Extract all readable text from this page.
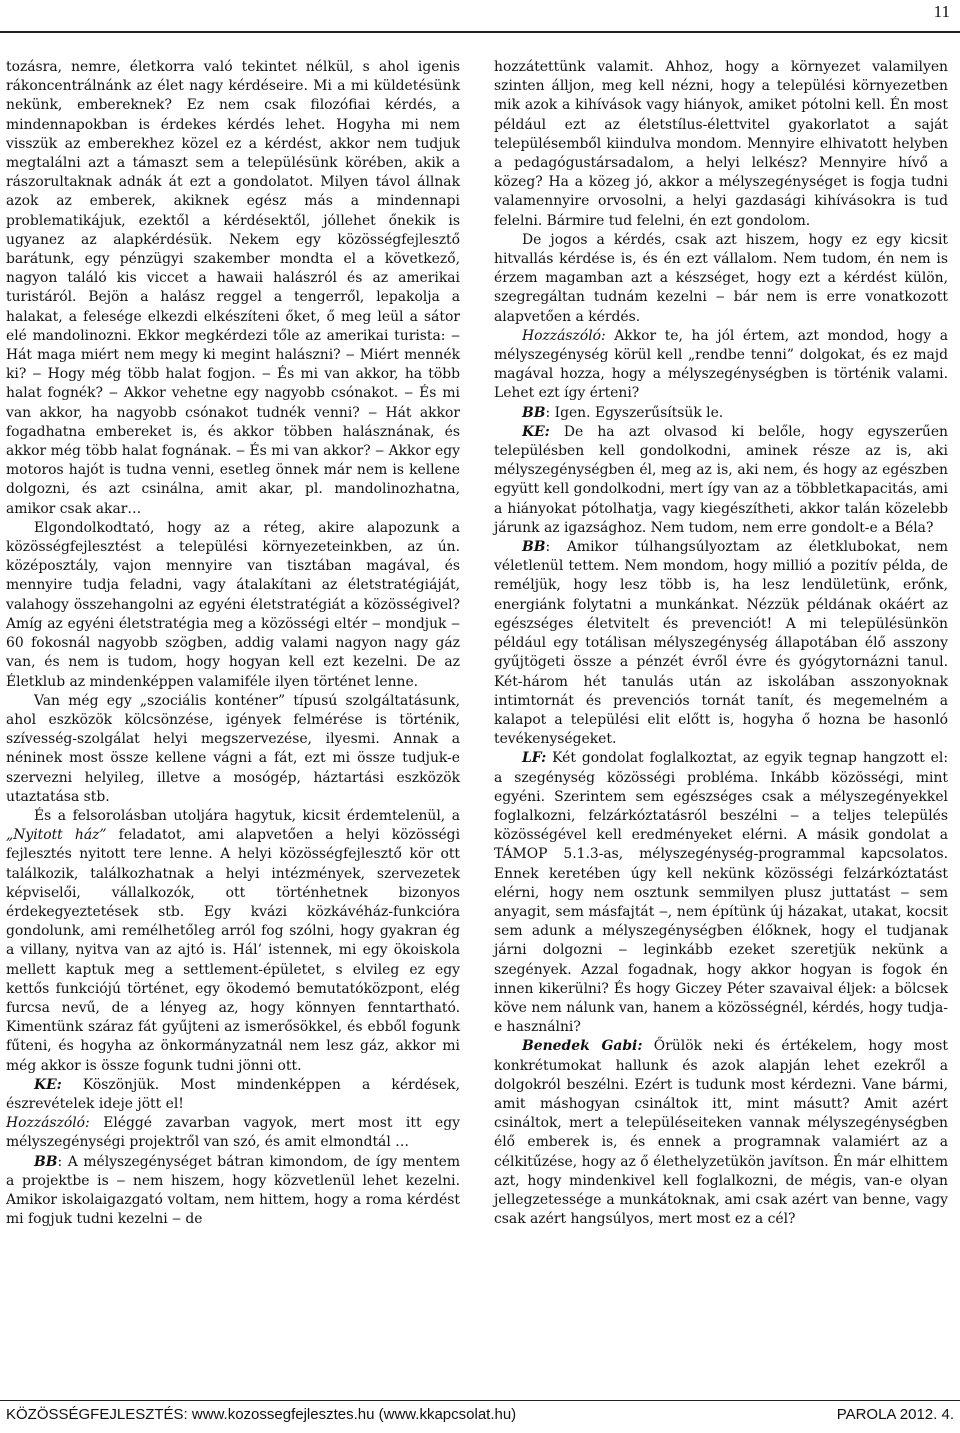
11

tozásra, nemre, életkorra való tekintet nélkül, s ahol igenis rákoncentrálnánk az élet nagy kérdéseire. Mi a mi küldetésünk nekünk, embereknek? Ez nem csak filozófiai kérdés, a mindennapokban is érdekes kérdés lehet. Hogyha mi nem visszük az emberekhez közel ez a kérdést, akkor nem tudjuk megtalálni azt a támaszt sem a településünk körében, akik a rászorultaknak adnák át ezt a gondolatot. Milyen távol állnak azok az emberek, akiknek egész más a mindennapi problematikájuk, ezektől a kérdésektől, jóllehet őnekik is ugyanez az alapkérdésük. Nekem egy közösségfejlesztő barátunk, egy pénzügyi szakember mondta el a következő, nagyon találó kis viccet a hawaii halászról és az amerikai turistáról. Bejön a halász reggel a tengerről, lepakolja a halakat, a felesége elkezdi elkészíteni őket, ő meg leül a sátor elé mandolinozni. Ekkor megkérdezi tőle az amerikai turista: ‒ Hát maga miért nem megy ki megint halászni? ‒ Miért mennék ki? ‒ Hogy még több halat fogjon. ‒ És mi van akkor, ha több halat fognék? ‒ Akkor vehetne egy nagyobb csónakot. ‒ És mi van akkor, ha nagyobb csónakot tudnék venni? ‒ Hát akkor fogadhatna embereket is, és akkor többen halásznának, és akkor még több halat fognának. ‒ És mi van akkor? ‒ Akkor egy motoros hajót is tudna venni, esetleg önnek már nem is kellene dolgozni, és azt csinálna, amit akar, pl. mandolinozhatna, amikor csak akar…

Elgondolkodtató, hogy az a réteg, akire alapozunk a közösségfejlesztést a települési környezeteinkben, az ún. középosztály, vajon mennyire van tisztában magával, és mennyire tudja feladni, vagy átalakítani az életstratégiáját, valahogy összehangolni az egyéni életstratégiát a közösségivel? Amíg az egyéni életstratégia meg a közösségi eltér ‒ mondjuk ‒ 60 fokosnál nagyobb szögben, addig valami nagyon nagy gáz van, és nem is tudom, hogy hogyan kell ezt kezelni. De az Életklub az mindenképpen valamiféle ilyen történet lenne.

Van még egy „szociális konténer” típusú szolgáltatásunk, ahol eszközök kölcsönzése, igények felmérése is történik, szívesség-szolgálat helyi megszervezése, ilyesmi. Annak a néninek most össze kellene vágni a fát, ezt mi össze tudjuk-e szervezni helyileg, illetve a mosógép, háztartási eszközök utaztatása stb.

És a felsorolásban utoljára hagytuk, kicsit érdemtelenül, a „Nyitott ház” feladatot, ami alapvetően a helyi közösségi fejlesztés nyitott tere lenne. A helyi közösségfejlesztő kör ott találkozik, találkozhatnak a helyi intézmények, szervezetek képviselői, vállalkozók, ott történhetnek bizonyos érdekegyeztetések stb. Egy kvázi közkávéház-funkcióra gondolunk, ami remélhetőleg arról fog szólni, hogy gyakran ég a villany, nyitva van az ajtó is. Hál’ istennek, mi egy ökoiskola mellett kaptuk meg a settlement-épületet, s elvileg ez egy kettős funkciójú történet, egy ökodemó bemutatóközpont, elég furcsa nevű, de a lényeg az, hogy könnyen fenntartható. Kimentünk száraz fát gyűjteni az ismerősökkel, és ebből fogunk fűteni, és hogyha az önkormányzatnál nem lesz gáz, akkor mi még akkor is össze fogunk tudni jönni ott.

KE: Köszönjük. Most mindenképpen a kérdések, észrevételek ideje jött el!

Hozzászóló: Eléggé zavarban vagyok, mert most itt egy mélyszegénységi projektről van szó, és amit elmondtál …

BB: A mélyszegénységet bátran kimondom, de így mentem a projektbe is ‒ nem hiszem, hogy közvetlenül lehet kezelni. Amikor iskolaigazgató voltam, nem hittem, hogy a roma kérdést mi fogjuk tudni kezelni ‒ de

hozzátettünk valamit. Ahhoz, hogy a környezet valamilyen szinten álljon, meg kell nézni, hogy a települési környezetben mik azok a kihívások vagy hiányok, amiket pótolni kell. Én most például ezt az életstílus-élettvitel gyakorlatot a saját településemből kiindulva mondom. Mennyire elhivatott helyben a pedagógustársadalom, a helyi lelkész? Mennyire hívő a közeg? Ha a közeg jó, akkor a mélyszegénységet is fogja tudni valamennyire orvosolni, a helyi gazdasági kihívásokra is tud felelni. Bármire tud felelni, én ezt gondolom.

De jogos a kérdés, csak azt hiszem, hogy ez egy kicsit hitvallás kérdése is, és én ezt vállalom. Nem tudom, én nem is érzem magamban azt a készséget, hogy ezt a kérdést külön, szegregáltan tudnám kezelni ‒ bár nem is erre vonatkozott alapvetően a kérdés.

Hozzászóló: Akkor te, ha jól értem, azt mondod, hogy a mélyszegénység körül kell „rendbe tenni” dolgokat, és ez majd magával hozza, hogy a mélyszegénységben is történik valami. Lehet ezt így érteni?

BB: Igen. Egyszerűsítsük le.

KE: De ha azt olvasod ki belőle, hogy egyszerűen településben kell gondolkodni, aminek része az is, aki mélyszegénységben él, meg az is, aki nem, és hogy az egészben együtt kell gondolkodni, mert így van az a többletkapacitás, ami a hiányokat pótolhatja, vagy kiegészítheti, akkor talán közelebb járunk az igazsághoz. Nem tudom, nem erre gondolt-e a Béla?

BB: Amikor túlhangsúlyoztam az életklubokat, nem véletlenül tettem. Nem mondom, hogy millió a pozitív példa, de reméljük, hogy lesz több is, ha lesz lendületünk, erőnk, energiánk folytatni a munkánkat. Nézzük példának okáért az egészséges életvitelt és prevenciót! A mi településünkön például egy totálisan mélyszegénység állapotában élő asszony gyűjtögeti össze a pénzét évről évre és gyógytornázni tanul. Két-három hét tanulás után az iskolában asszonyoknak intimtornát és prevenciós tornát tanít, és megemelném a kalapot a települési elit előtt is, hogyha ő hozna be hasonló tevékenységeket.

LF: Két gondolat foglalkoztat, az egyik tegnap hangzott el: a szegénység közösségi probléma. Inkább közösségi, mint egyéni. Szerintem sem egészséges csak a mélyszegényekkel foglalkozni, felzárkóztatásról beszélni ‒ a teljes település közösségével kell eredményeket elérni. A másik gondolat a TÁMOP 5.1.3-as, mélyszegénység-programmal kapcsolatos. Ennek keretében úgy kell nekünk közösségi felzárkóztatást elérni, hogy nem osztunk semmilyen plusz juttatást ‒ sem anyagit, sem másfajtát ‒, nem építünk új házakat, utakat, kocsit sem adunk a mélyszegénységben élőknek, hogy el tudjanak járni dolgozni ‒ leginkább ezeket szeretjük nekünk a szegények. Azzal fogadnak, hogy akkor hogyan is fogok én innen kikerülni? És hogy Giczey Péter szavaival éljek: a bölcsek köve nem nálunk van, hanem a közösségnél, kérdés, hogy tudja-e használni?

Benedek Gabi: Őrülök neki és értékelem, hogy most konkrétumokat hallunk és azok alapján lehet ezekről a dolgokról beszélni. Ezért is tudunk most kérdezni. Vane bármi, amit máshogyan csináltok itt, mint másutt? Amit azért csináltok, mert a településeiteken vannak mélyszegénységben élő emberek is, és ennek a programnak valamiért az a célkitűzése, hogy az ő élethelyzetükön javítson. Én már elhittem azt, hogy mindenkivel kell foglalkozni, de mégis, van-e olyan jellegzetessége a munkátoknak, ami csak azért van benne, vagy csak azért hangsúlyos, mert most ez a cél?

KÖZÖSSÉGFEJLESZTÉS: www.kozossegfejlesztes.hu (www.kkapcsolat.hu)	PAROLA 2012. 4.
